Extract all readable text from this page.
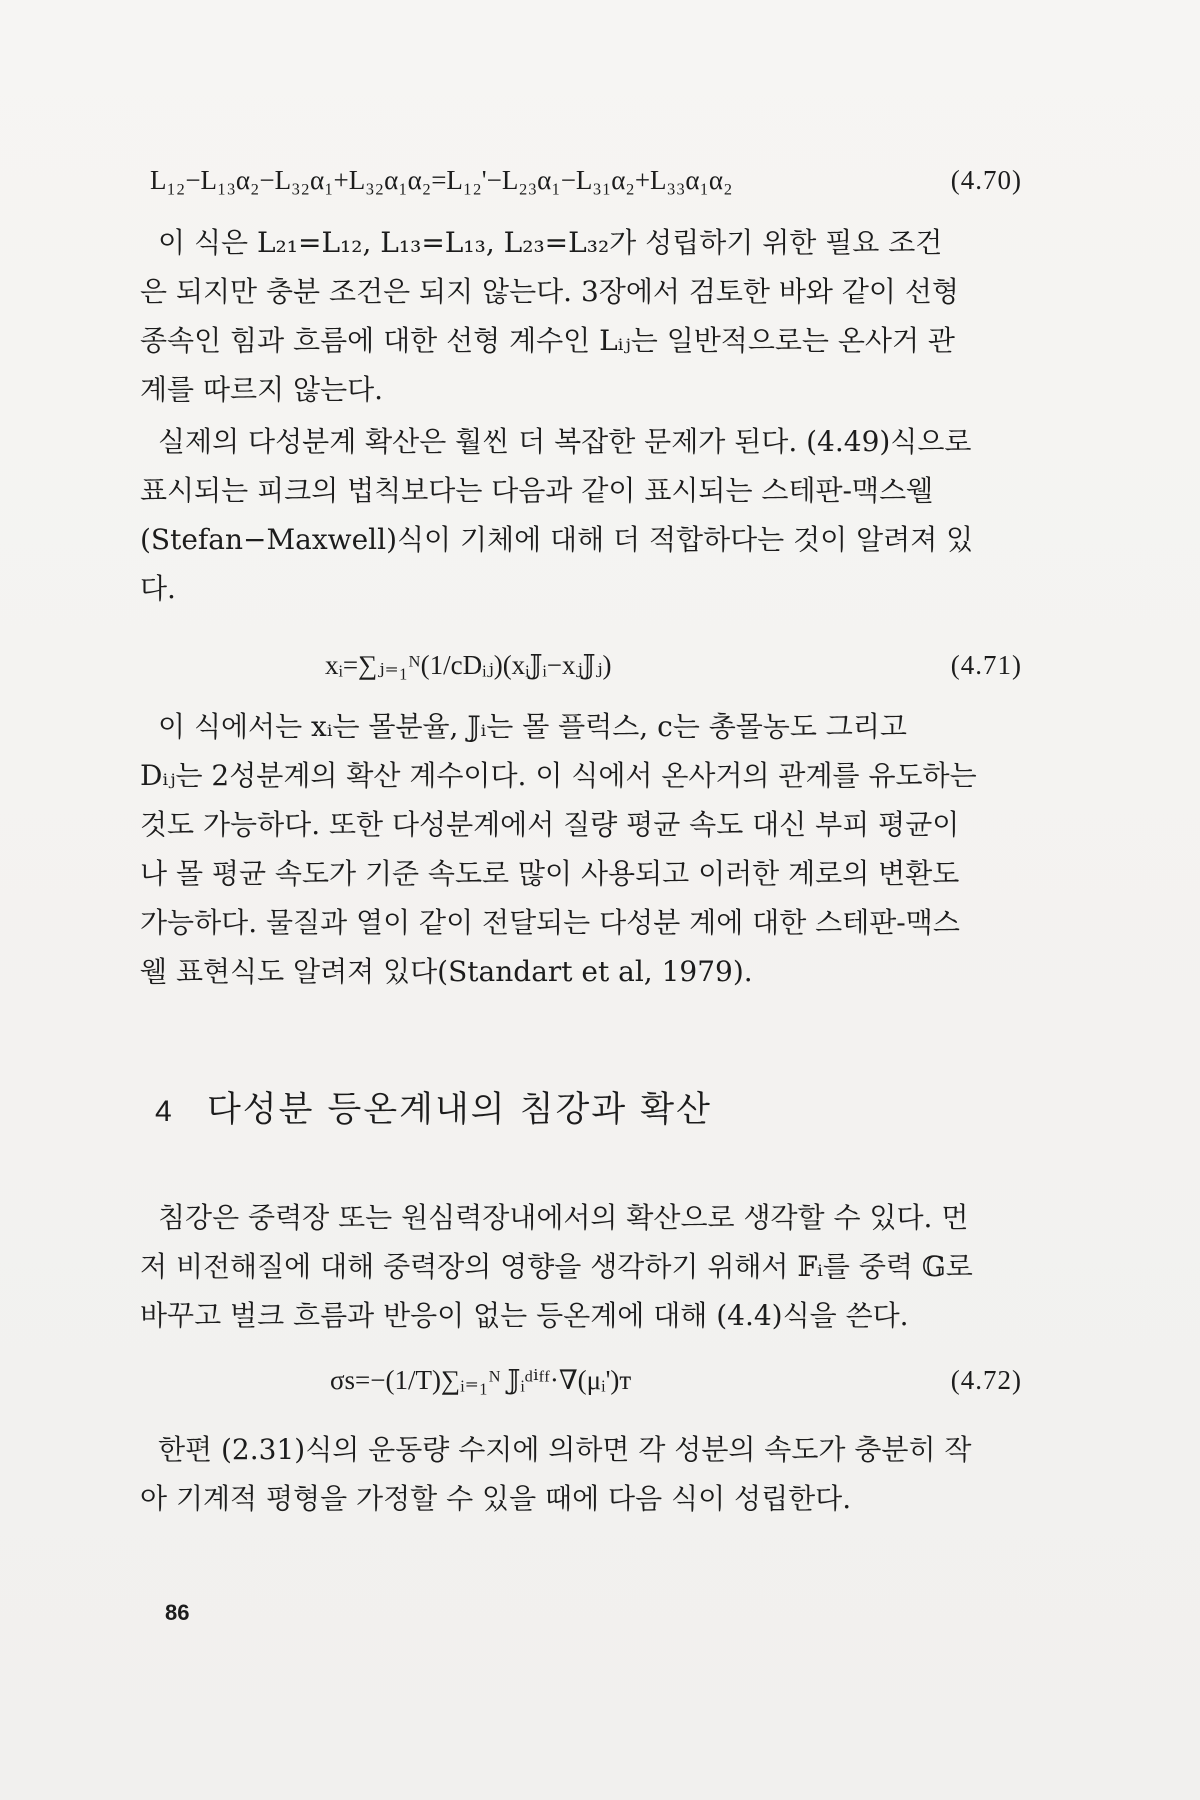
L₁₂−L₁₃α₂−L₃₂α₁+L₃₂α₁α₂=L₁₂'−L₂₃α₁−L₃₁α₂+L₃₃α₁α₂	(4.70)
이 식은 L₂₁=L₁₂, L₁₃=L₁₃, L₂₃=L₃₂가 성립하기 위한 필요 조건
은 되지만 충분 조건은 되지 않는다. 3장에서 검토한 바와 같이 선형
종속인 힘과 흐름에 대한 선형 계수인 Lᵢⱼ는 일반적으로는 온사거 관
계를 따르지 않는다.
실제의 다성분계 확산은 훨씬 더 복잡한 문제가 된다. (4.49)식으로
표시되는 피크의 법칙보다는 다음과 같이 표시되는 스테판-맥스웰
(Stefan−Maxwell)식이 기체에 대해 더 적합하다는 것이 알려져 있
다.
xᵢ=∑ⱼ₌₁ᴺ(1/cDᵢⱼ)(xᵢ𝕁ᵢ−xⱼ𝕁ⱼ)	(4.71)
이 식에서는 xᵢ는 몰분율, 𝕁ᵢ는 몰 플럭스, c는 총몰농도 그리고
Dᵢⱼ는 2성분계의 확산 계수이다. 이 식에서 온사거의 관계를 유도하는
것도 가능하다. 또한 다성분계에서 질량 평균 속도 대신 부피 평균이
나 몰 평균 속도가 기준 속도로 많이 사용되고 이러한 계로의 변환도
가능하다. 물질과 열이 같이 전달되는 다성분 계에 대한 스테판-맥스
웰 표현식도 알려져 있다(Standart et al, 1979).
4 다성분 등온계내의 침강과 확산
침강은 중력장 또는 원심력장내에서의 확산으로 생각할 수 있다. 먼
저 비전해질에 대해 중력장의 영향을 생각하기 위해서 𝔽ᵢ를 중력 𝔾로
바꾸고 벌크 흐름과 반응이 없는 등온계에 대해 (4.4)식을 쓴다.
σs=−(1/T)∑ᵢ₌₁ᴺ 𝕁ᵢᵈⁱᶠᶠ·∇(μᵢ')ᴛ	(4.72)
한편 (2.31)식의 운동량 수지에 의하면 각 성분의 속도가 충분히 작
아 기계적 평형을 가정할 수 있을 때에 다음 식이 성립한다.
86
